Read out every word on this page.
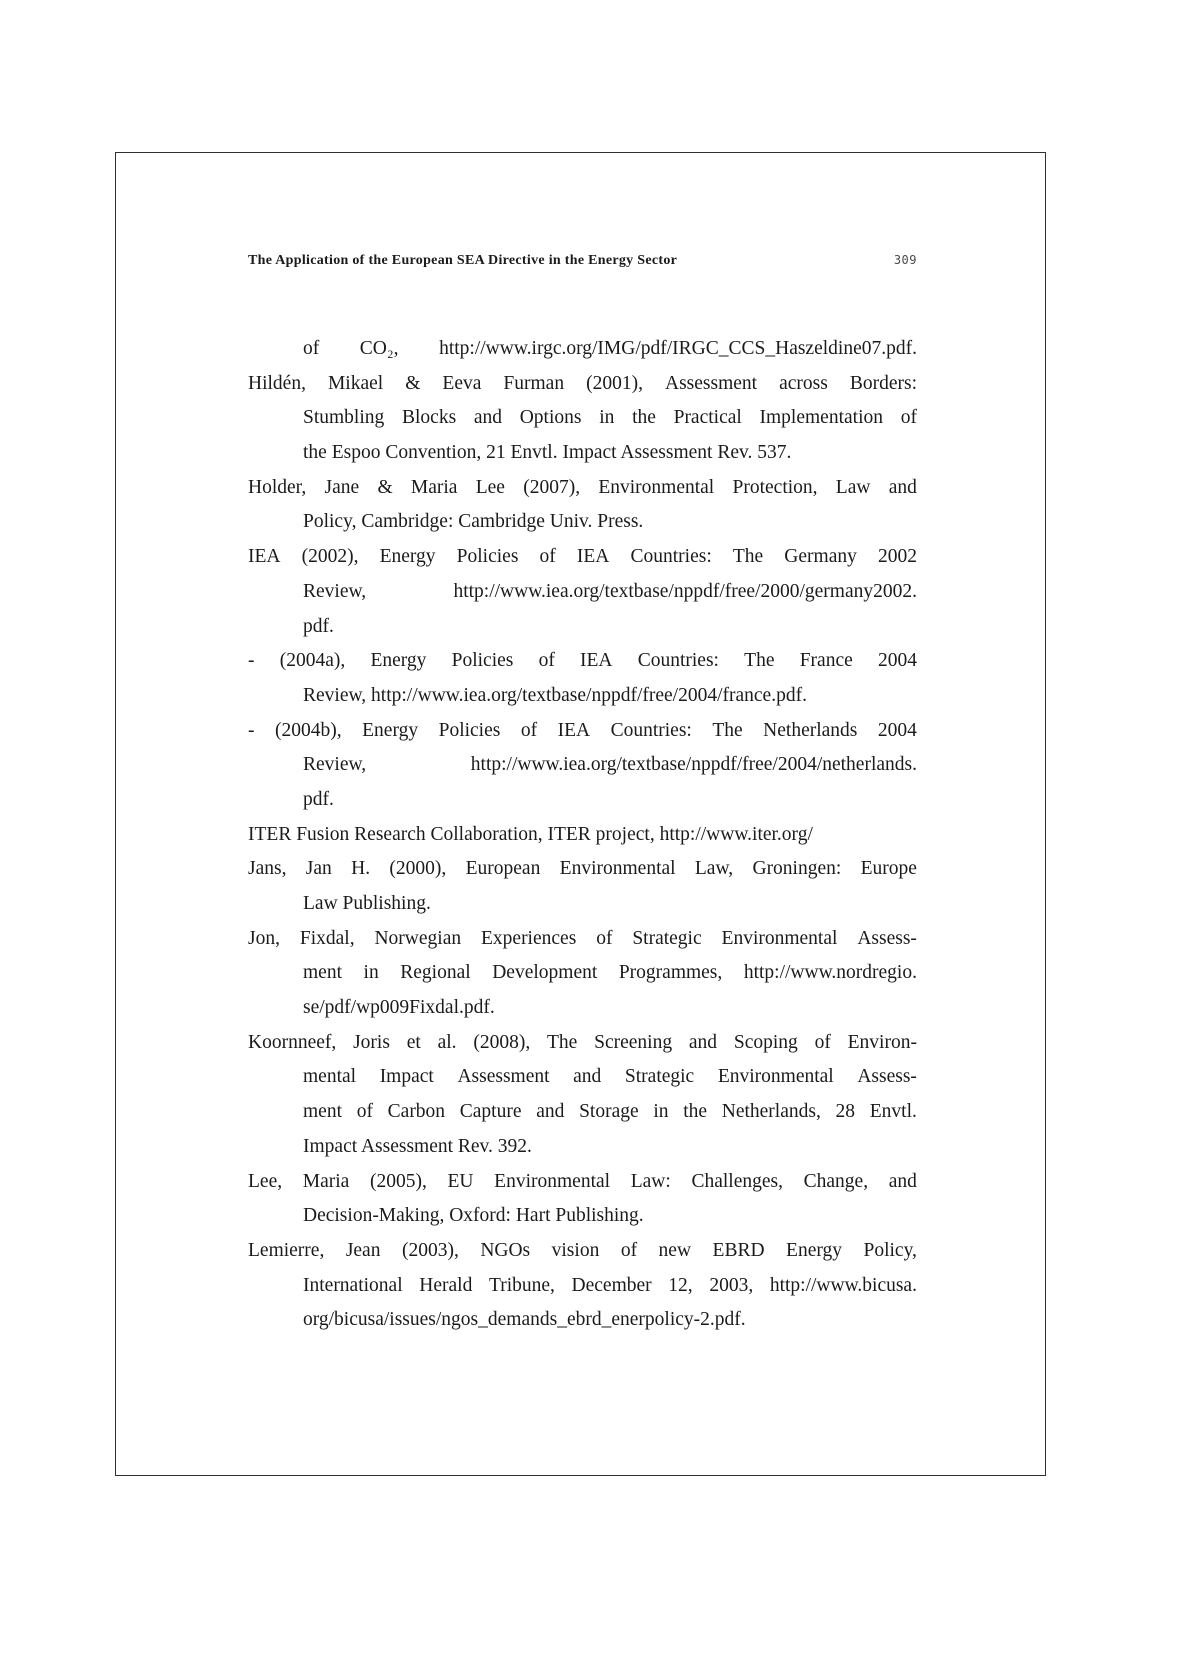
The Application of the European SEA Directive in the Energy Sector	309
of CO₂, http://www.irgc.org/IMG/pdf/IRGC_CCS_Haszeldine07.pdf.
Hildén, Mikael & Eeva Furman (2001), Assessment across Borders:
Stumbling Blocks and Options in the Practical Implementation of
the Espoo Convention, 21 Envtl. Impact Assessment Rev. 537.
Holder, Jane & Maria Lee (2007), Environmental Protection, Law and
Policy, Cambridge: Cambridge Univ. Press.
IEA (2002), Energy Policies of IEA Countries: The Germany 2002
Review,	http://www.iea.org/textbase/nppdf/free/2000/germany2002.
pdf.
- (2004a), Energy Policies of IEA Countries: The France 2004
Review, http://www.iea.org/textbase/nppdf/free/2004/france.pdf.
- (2004b), Energy Policies of IEA Countries: The Netherlands 2004
Review,	http://www.iea.org/textbase/nppdf/free/2004/netherlands.
pdf.
ITER Fusion Research Collaboration, ITER project, http://www.iter.org/
Jans, Jan H. (2000), European Environmental Law, Groningen: Europe
Law Publishing.
Jon, Fixdal, Norwegian Experiences of Strategic Environmental Assess-
ment in Regional Development Programmes, http://www.nordregio.
se/pdf/wp009Fixdal.pdf.
Koornneef, Joris et al. (2008), The Screening and Scoping of Environ-
mental Impact Assessment and Strategic Environmental Assess-
ment of Carbon Capture and Storage in the Netherlands, 28 Envtl.
Impact Assessment Rev. 392.
Lee, Maria (2005), EU Environmental Law: Challenges, Change, and
Decision-Making, Oxford: Hart Publishing.
Lemierre, Jean (2003), NGOs vision of new EBRD Energy Policy,
International Herald Tribune, December 12, 2003, http://www.bicusa.
org/bicusa/issues/ngos_demands_ebrd_enerpolicy-2.pdf.
